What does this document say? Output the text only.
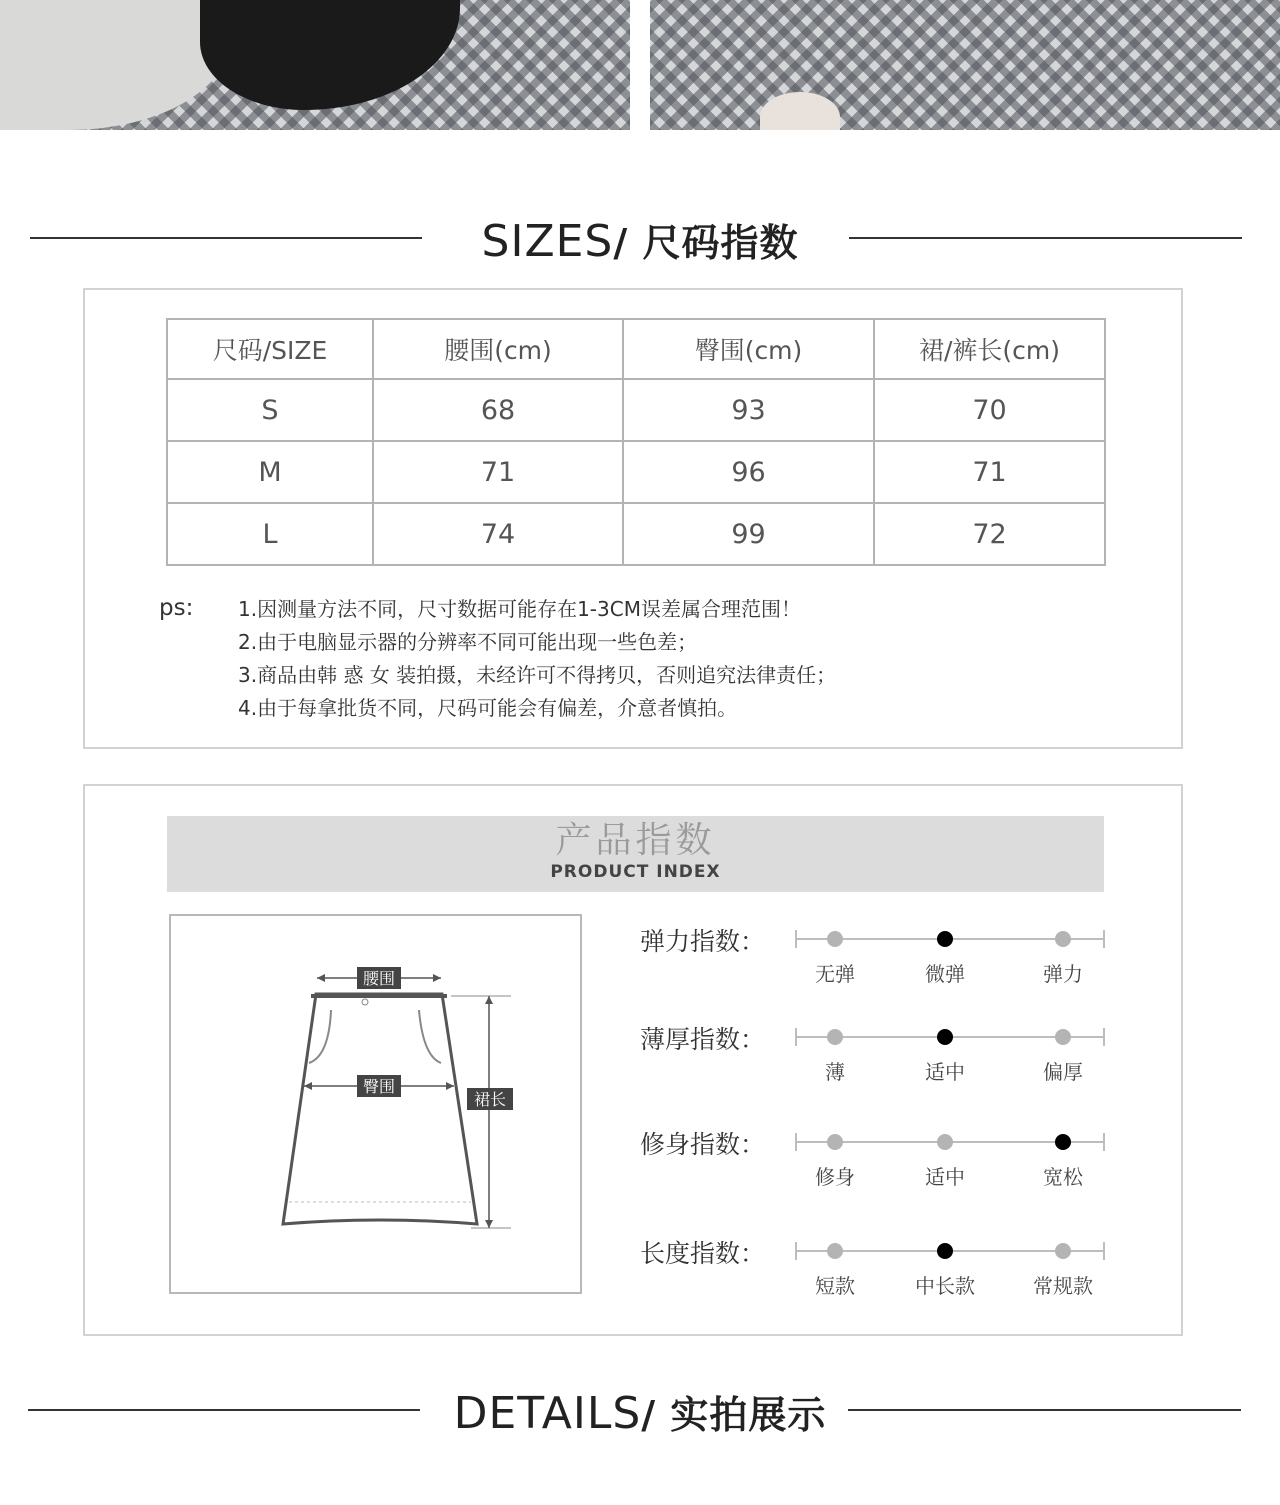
SIZES/ 尺码指数
尺码/SIZE	腰围(cm)	臀围(cm)	裙/裤长(cm)
S	68	93	70
M	71	96	71
L	74	99	72
ps: 1.因测量方法不同，尺寸数据可能存在1-3CM误差属合理范围！
2.由于电脑显示器的分辨率不同可能出现一些色差；
3.商品由韩 惑 女 装拍摄，未经许可不得拷贝，否则追究法律责任；
4.由于每拿批货不同，尺码可能会有偏差，介意者慎拍。
产品指数
PRODUCT INDEX
腰围
臀围
裙长
弹力指数：
无弹	微弹	弹力
薄厚指数：
薄	适中	偏厚
修身指数：
修身	适中	宽松
长度指数：
短款	中长款	常规款
DETAILS/ 实拍展示
